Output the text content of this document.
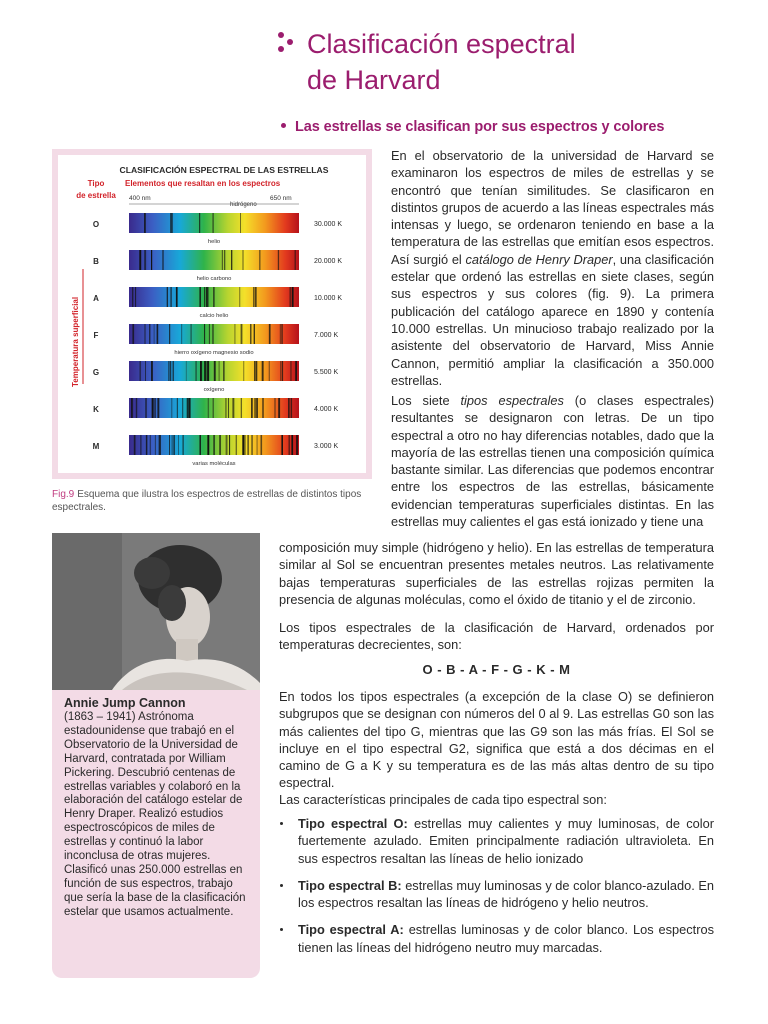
Clasificación espectral
de Harvard
Las estrellas se clasifican por sus espectros y colores
CLASIFICACIÓN ESPECTRAL DE LAS ESTRELLAS
Tipo
de estrella
Elementos que resaltan en los espectros
400 nm
hidrógeno
650 nm
Temperatura superficial
O	30.000 K
helio
B	20.000 K
helio carbono
A	10.000 K
calcio helio
F	7.000 K
hierro oxígeno magnesio sodio
G	5.500 K
oxígeno
K	4.000 K
M	3.000 K
varias moléculas
Fig.9 Esquema que ilustra los espectros de estrellas de distintos tipos espectrales.
Annie Jump Cannon
(1863 – 1941) Astrónoma estadounidense que trabajó en el Observatorio de la Universidad de Harvard, contratada por William Pickering. Descubrió centenas de estrellas variables y colaboró en la elaboración del catálogo estelar de Henry Draper. Realizó estudios espectroscópicos de miles de estrellas y continuó la labor inconclusa de otras mujeres. Clasificó unas 250.000 estrellas en función de sus espectros, trabajo que sería la base de la clasificación estelar que usamos actualmente.

En el observatorio de la universidad de Harvard se examinaron los espectros de miles de estrellas y se encontró que tenían similitudes. Se clasificaron en distintos grupos de acuerdo a las líneas espectrales más intensas y luego, se ordenaron teniendo en base a la temperatura de las estrellas que emitían esos espectros. Así surgió el catálogo de Henry Draper, una clasificación estelar que ordenó las estrellas en siete clases, según sus espectros y sus colores (fig. 9). La primera publicación del catálogo aparece en 1890 y contenía 10.000 estrellas. Un minucioso trabajo realizado por la asistente del observatorio de Harvard, Miss Annie Cannon, permitió ampliar la clasificación a 350.000 estrellas.

Los siete tipos espectrales (o clases espectrales) resultantes se designaron con letras. De un tipo espectral a otro no hay diferencias notables, dado que la mayoría de las estrellas tienen una composición química bastante similar. Las diferencias que podemos encontrar entre los espectros de las estrellas, básicamente evidencian temperaturas superficiales distintas. En las estrellas muy calientes el gas está ionizado y tiene una

composición muy simple (hidrógeno y helio). En las estrellas de temperatura similar al Sol se encuentran presentes metales neutros. Las relativamente bajas temperaturas superficiales de las estrellas rojizas permiten la presencia de algunas moléculas, como el óxido de titanio y el de zirconio.

Los tipos espectrales de la clasificación de Harvard, ordenados por temperaturas decrecientes, son:

O - B - A - F - G - K - M

En todos los tipos espectrales (a excepción de la clase O) se definieron subgrupos que se designan con números del 0 al 9. Las estrellas G0 son las más calientes del tipo G, mientras que las G9 son las más frías. El Sol se incluye en el tipo espectral G2, significa que está a dos décimas en el camino de G a K y su temperatura es de las más altas dentro de su tipo espectral.

Las características principales de cada tipo espectral son:

Tipo espectral O: estrellas muy calientes y muy luminosas, de color fuertemente azulado. Emiten principalmente radiación ultravioleta. En sus espectros resaltan las líneas de helio ionizado
Tipo espectral B: estrellas muy luminosas y de color blanco-azulado. En los espectros resaltan las líneas de hidrógeno y helio neutros.
Tipo espectral A: estrellas luminosas y de color blanco. Los espectros tienen las líneas del hidrógeno neutro muy marcadas.
